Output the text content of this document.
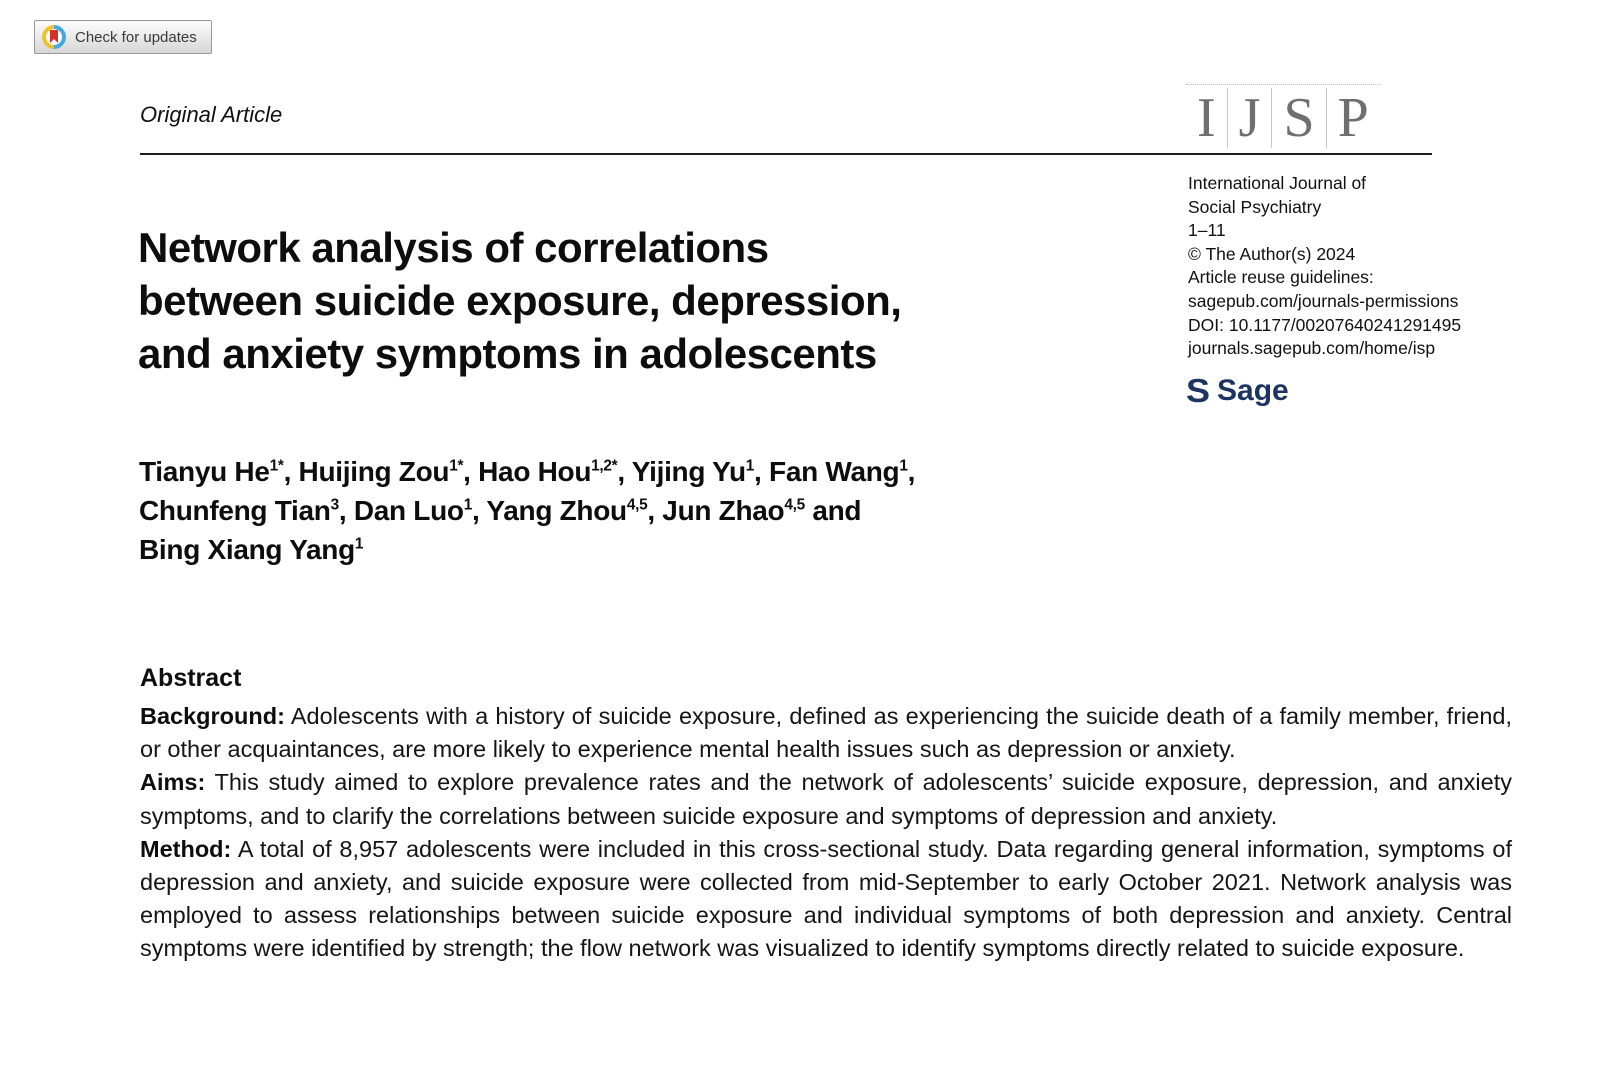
Check for updates
Original Article	I J S P
International Journal of
Social Psychiatry
1–11
© The Author(s) 2024
Article reuse guidelines:
sagepub.com/journals-permissions
DOI: 10.1177/00207640241291495
journals.sagepub.com/home/isp
S Sage
Network analysis of correlations
between suicide exposure, depression,
and anxiety symptoms in adolescents
Tianyu $He^{1*}$, Huijing Zou$^{1*}$, Hao Hou$^{1,2*}$, Yijing Yu$^1$, Fan Wang$^1$,
Chunfeng Tian$^3$, Dan Luo$^1$, Yang Zhou$^{4,5}$, Jun Zhao$^{4,5}$ and
Bing Xiang Yang$^1$
Abstract

Background: Adolescents with a history of suicide exposure, defined as experiencing the suicide death of a family member, friend, or other acquaintances, are more likely to experience mental health issues such as depression or anxiety.

Aims: This study aimed to explore prevalence rates and the network of adolescents’ suicide exposure, depression, and anxiety symptoms, and to clarify the correlations between suicide exposure and symptoms of depression and anxiety.

Method: A total of 8,957 adolescents were included in this cross-sectional study. Data regarding general information, symptoms of depression and anxiety, and suicide exposure were collected from mid-September to early October 2021. Network analysis was employed to assess relationships between suicide exposure and individual symptoms of both depression and anxiety. Central symptoms were identified by strength; the flow network was visualized to identify symptoms directly related to suicide exposure.
